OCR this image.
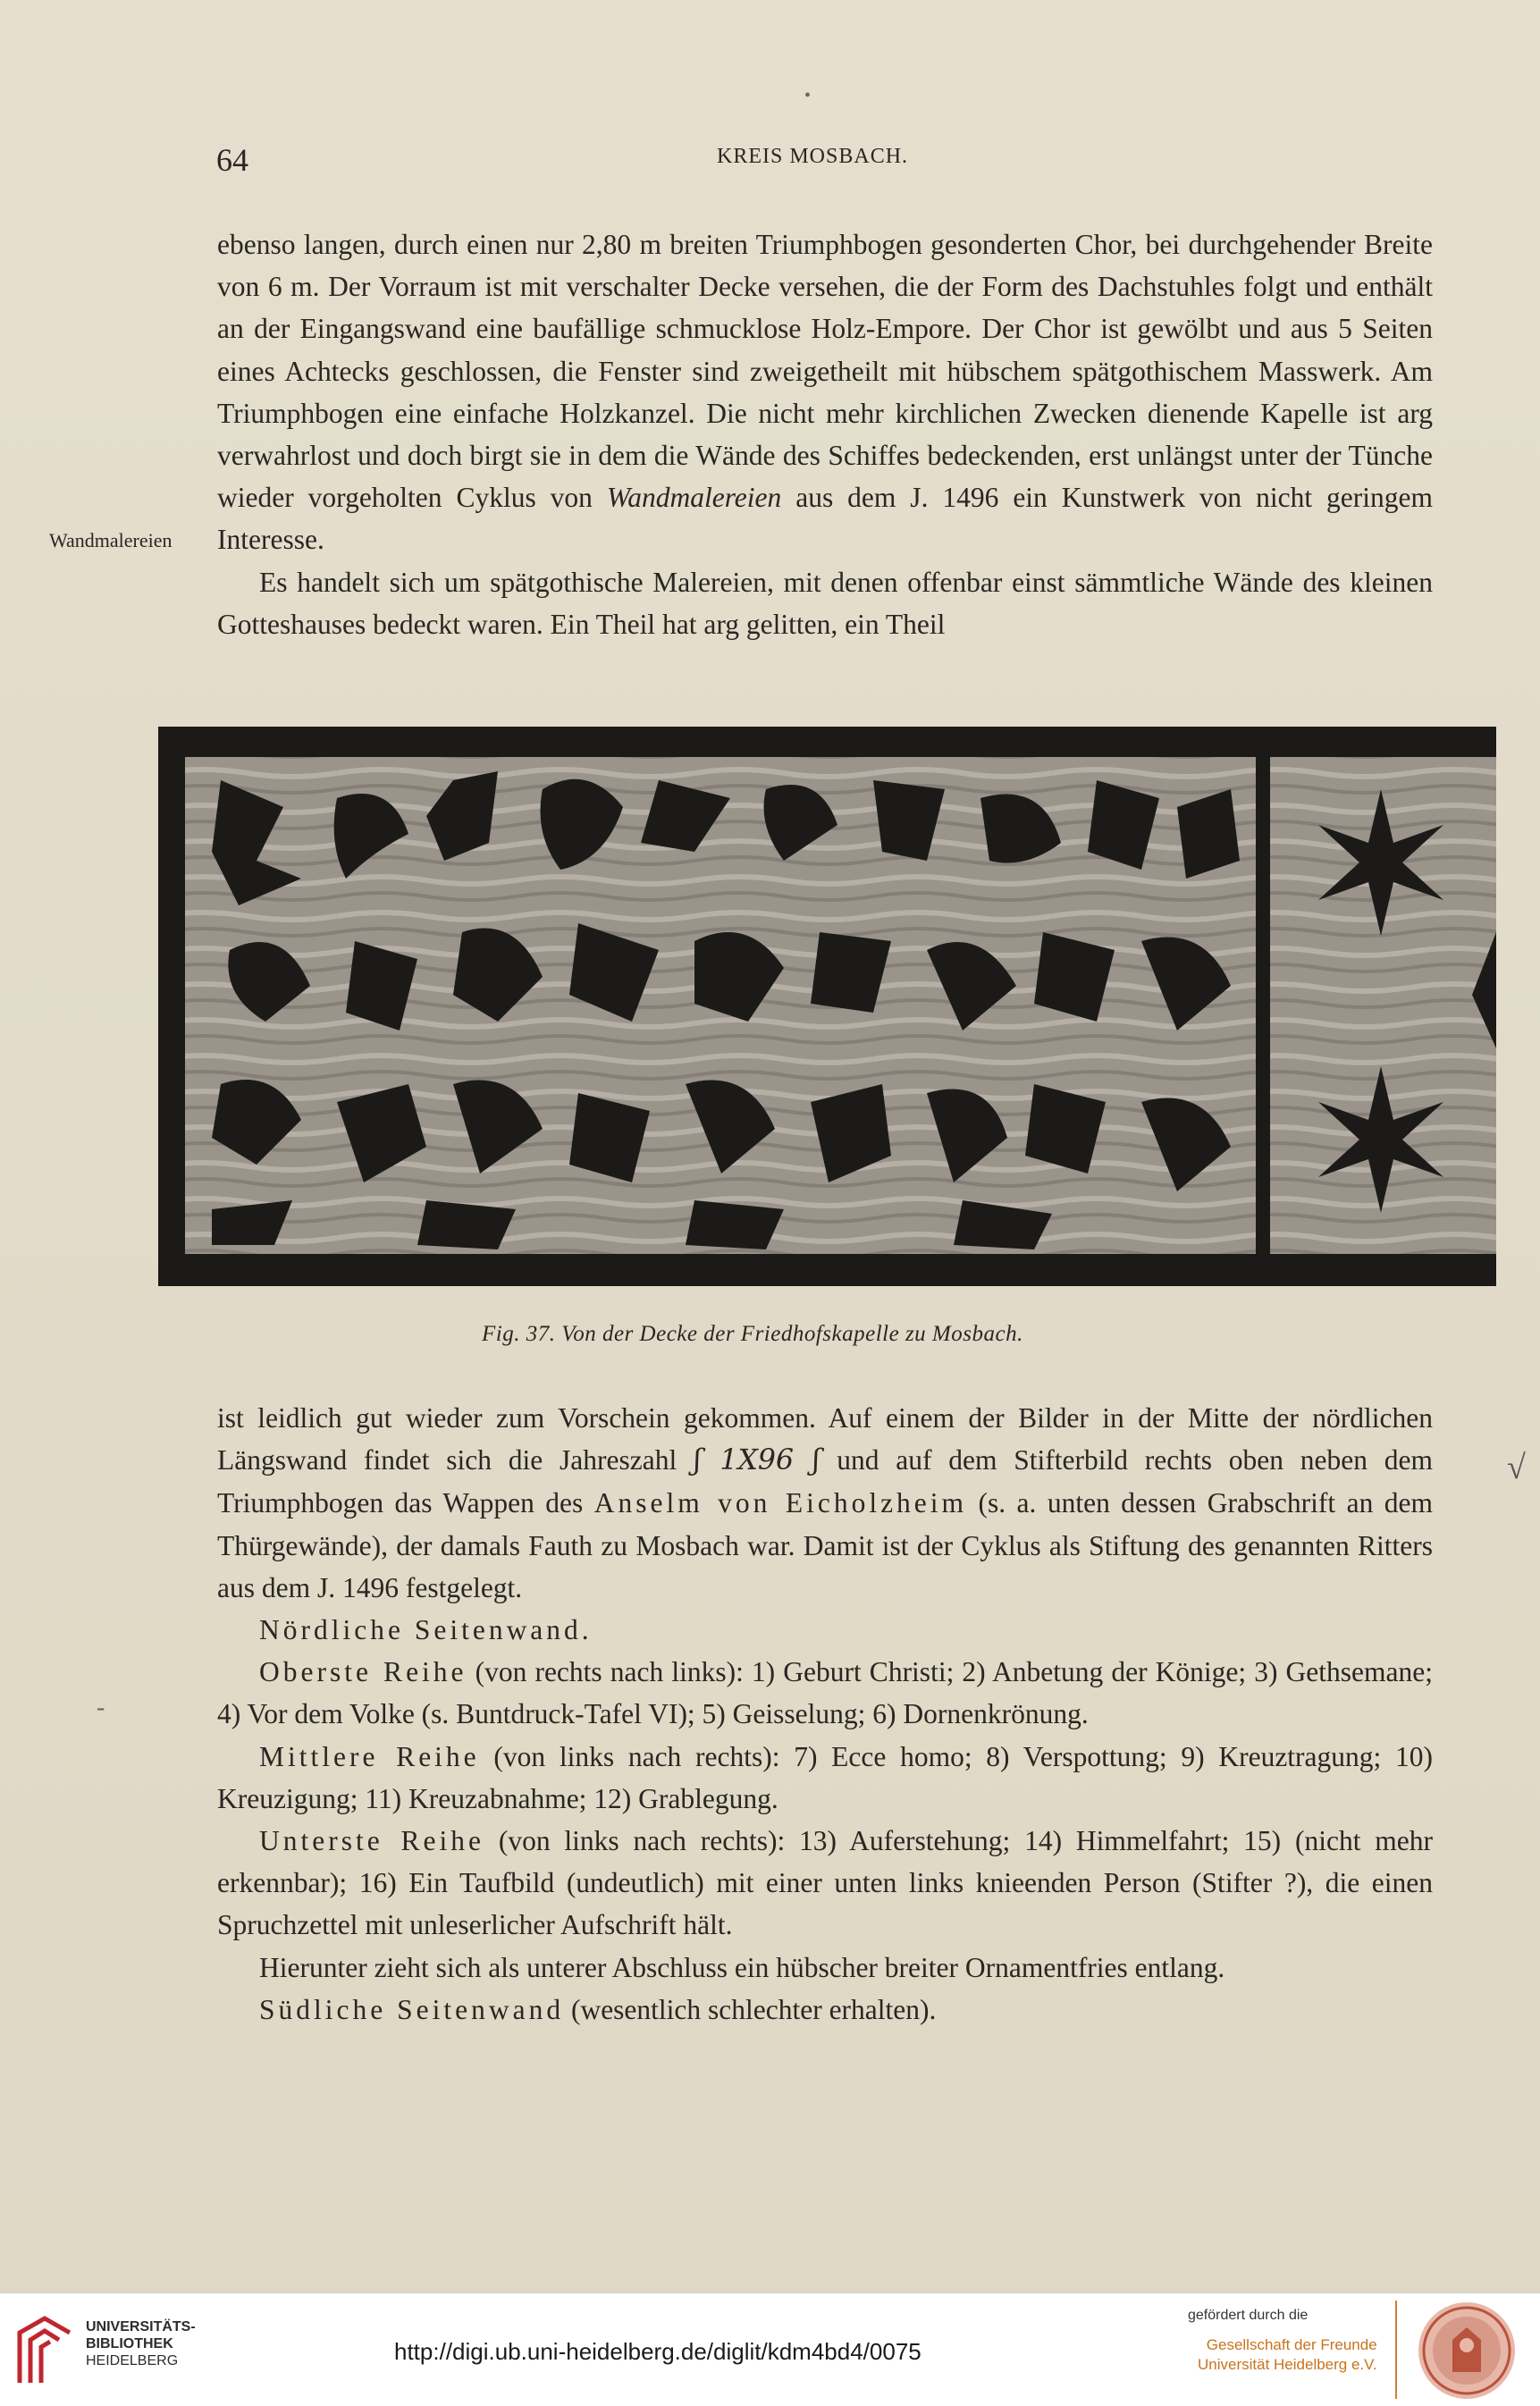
•
64	KREIS MOSBACH.
Wandmalereien

ebenso langen, durch einen nur 2,80 m breiten Triumphbogen gesonderten Chor, bei durchgehender Breite von 6 m. Der Vorraum ist mit verschalter Decke versehen, die der Form des Dachstuhles folgt und enthält an der Eingangswand eine baufällige schmucklose Holz-Empore. Der Chor ist gewölbt und aus 5 Seiten eines Achtecks geschlossen, die Fenster sind zweigetheilt mit hübschem spätgothischem Masswerk. Am Triumphbogen eine einfache Holzkanzel. Die nicht mehr kirchlichen Zwecken dienende Kapelle ist arg verwahrlost und doch birgt sie in dem die Wände des Schiffes bedeckenden, erst unlängst unter der Tünche wieder vorgeholten Cyklus von Wandmalereien aus dem J. 1496 ein Kunstwerk von nicht geringem Interesse.

Es handelt sich um spätgothische Malereien, mit denen offenbar einst sämmtliche Wände des kleinen Gotteshauses bedeckt waren. Ein Theil hat arg gelitten, ein Theil

Fig. 37. Von der Decke der Friedhofskapelle zu Mosbach.

ist leidlich gut wieder zum Vorschein gekommen. Auf einem der Bilder in der Mitte der nördlichen Längswand findet sich die Jahreszahl ʃ 1X96 ʃ und auf dem Stifterbild rechts oben neben dem Triumphbogen das Wappen des Anselm von Eicholzheim (s. a. unten dessen Grabschrift an dem Thürgewände), der damals Fauth zu Mosbach war. Damit ist der Cyklus als Stiftung des genannten Ritters aus dem J. 1496 festgelegt.

Nördliche Seitenwand.

Oberste Reihe (von rechts nach links): 1) Geburt Christi; 2) Anbetung der Könige; 3) Gethsemane; 4) Vor dem Volke (s. Buntdruck-Tafel VI); 5) Geisselung; 6) Dornenkrönung.

Mittlere Reihe (von links nach rechts): 7) Ecce homo; 8) Verspottung; 9) Kreuztragung; 10) Kreuzigung; 11) Kreuzabnahme; 12) Grablegung.

Unterste Reihe (von links nach rechts): 13) Auferstehung; 14) Himmelfahrt; 15) (nicht mehr erkennbar); 16) Ein Taufbild (undeutlich) mit einer unten links knieenden Person (Stifter ?), die einen Spruchzettel mit unleserlicher Aufschrift hält.

Hierunter zieht sich als unterer Abschluss ein hübscher breiter Ornamentfries entlang.

Südliche Seitenwand (wesentlich schlechter erhalten).

√
-
UNIVERSITÄTS-
BIBLIOTHEK
HEIDELBERG	http://digi.ub.uni-heidelberg.de/diglit/kdm4bd4/0075
gefördert durch die
Gesellschaft der Freunde
Universität Heidelberg e.V.
